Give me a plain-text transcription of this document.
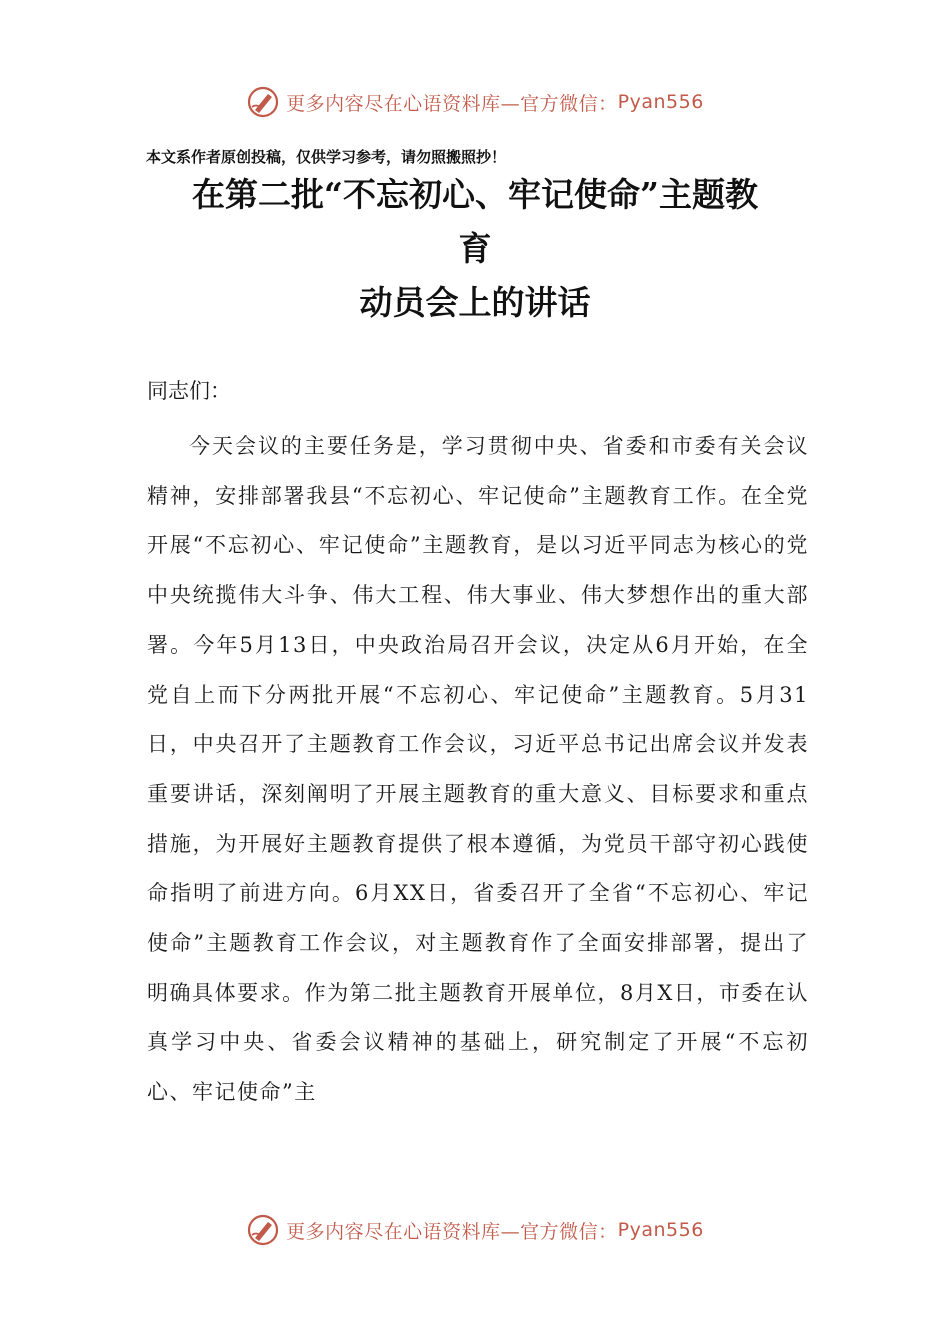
更多内容尽在心语资料库—官方微信： Pyan556
本文系作者原创投稿，仅供学习参考，请勿照搬照抄！
在第二批“不忘初心、牢记使命”主题教
育
动员会上的讲话
同志们：

今天会议的主要任务是，学习贯彻中央、省委和市委有关会议精神，安排部署我县“不忘初心、牢记使命”主题教育工作。在全党开展“不忘初心、牢记使命”主题教育，是以习近平同志为核心的党中央统揽伟大斗争、伟大工程、伟大事业、伟大梦想作出的重大部署。今年5月13日，中央政治局召开会议，决定从6月开始，在全党自上而下分两批开展“不忘初心、牢记使命”主题教育。5月31日，中央召开了主题教育工作会议，习近平总书记出席会议并发表重要讲话，深刻阐明了开展主题教育的重大意义、目标要求和重点措施，为开展好主题教育提供了根本遵循，为党员干部守初心践使命指明了前进方向。6月XX日，省委召开了全省“不忘初心、牢记使命”主题教育工作会议，对主题教育作了全面安排部署，提出了明确具体要求。作为第二批主题教育开展单位，8月X日，市委在认真学习中央、省委会议精神的基础上，研究制定了开展“不忘初心、牢记使命”主

更多内容尽在心语资料库—官方微信： Pyan556
